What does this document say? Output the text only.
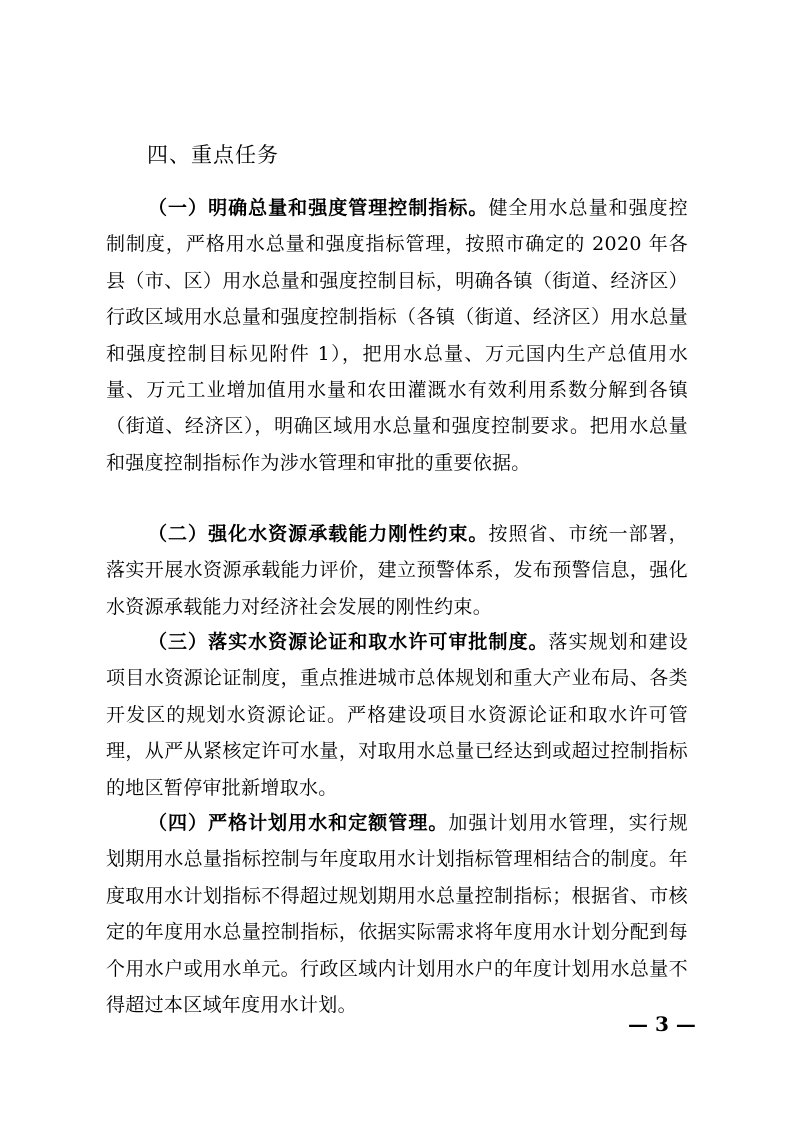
四、重点任务

（一）明确总量和强度管理控制指标。健全用水总量和强度控制制度，严格用水总量和强度指标管理，按照市确定的 2020 年各县（市、区）用水总量和强度控制目标，明确各镇（街道、经济区）行政区域用水总量和强度控制指标（各镇（街道、经济区）用水总量和强度控制目标见附件 1），把用水总量、万元国内生产总值用水量、万元工业增加值用水量和农田灌溉水有效利用系数分解到各镇（街道、经济区），明确区域用水总量和强度控制要求。把用水总量和强度控制指标作为涉水管理和审批的重要依据。

（二）强化水资源承载能力刚性约束。按照省、市统一部署，落实开展水资源承载能力评价，建立预警体系，发布预警信息，强化水资源承载能力对经济社会发展的刚性约束。

（三）落实水资源论证和取水许可审批制度。落实规划和建设项目水资源论证制度，重点推进城市总体规划和重大产业布局、各类开发区的规划水资源论证。严格建设项目水资源论证和取水许可管理，从严从紧核定许可水量，对取用水总量已经达到或超过控制指标的地区暂停审批新增取水。

（四）严格计划用水和定额管理。加强计划用水管理，实行规划期用水总量指标控制与年度取用水计划指标管理相结合的制度。年度取用水计划指标不得超过规划期用水总量控制指标；根据省、市核定的年度用水总量控制指标，依据实际需求将年度用水计划分配到每个用水户或用水单元。行政区域内计划用水户的年度计划用水总量不得超过本区域年度用水计划。

— 3 —
